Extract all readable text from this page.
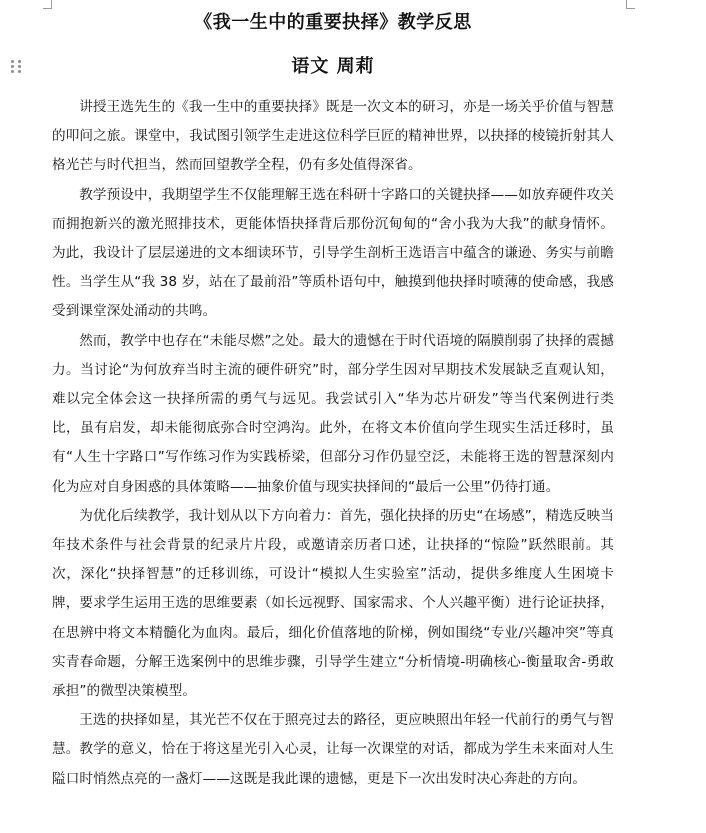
《我一生中的重要抉择》教学反思
语文 周莉

讲授王选先生的《我一生中的重要抉择》既是一次文本的研习，亦是一场关乎价值与智慧的叩问之旅。课堂中，我试图引领学生走进这位科学巨匠的精神世界，以抉择的棱镜折射其人格光芒与时代担当，然而回望教学全程，仍有多处值得深省。

教学预设中，我期望学生不仅能理解王选在科研十字路口的关键抉择——如放弃硬件攻关而拥抱新兴的激光照排技术，更能体悟抉择背后那份沉甸甸的“舍小我为大我”的献身情怀。为此，我设计了层层递进的文本细读环节，引导学生剖析王选语言中蕴含的谦逊、务实与前瞻性。当学生从“我 38 岁，站在了最前沿”等质朴语句中，触摸到他抉择时喷薄的使命感，我感受到课堂深处涌动的共鸣。

然而，教学中也存在“未能尽燃”之处。最大的遗憾在于时代语境的隔膜削弱了抉择的震撼力。当讨论“为何放弃当时主流的硬件研究”时，部分学生因对早期技术发展缺乏直观认知，难以完全体会这一抉择所需的勇气与远见。我尝试引入“华为芯片研发”等当代案例进行类比，虽有启发，却未能彻底弥合时空鸿沟。此外，在将文本价值向学生现实生活迁移时，虽有“人生十字路口”写作练习作为实践桥梁，但部分习作仍显空泛，未能将王选的智慧深刻内化为应对自身困惑的具体策略——抽象价值与现实抉择间的“最后一公里”仍待打通。

为优化后续教学，我计划从以下方向着力：首先，强化抉择的历史“在场感”，精选反映当年技术条件与社会背景的纪录片片段，或邀请亲历者口述，让抉择的“惊险”跃然眼前。其次，深化“抉择智慧”的迁移训练，可设计“模拟人生实验室”活动，提供多维度人生困境卡牌，要求学生运用王选的思维要素（如长远视野、国家需求、个人兴趣平衡）进行论证抉择，在思辨中将文本精髓化为血肉。最后，细化价值落地的阶梯，例如围绕“专业/兴趣冲突”等真实青春命题，分解王选案例中的思维步骤，引导学生建立“分析情境-明确核心-衡量取舍-勇敢承担”的微型决策模型。

王选的抉择如星，其光芒不仅在于照亮过去的路径，更应映照出年轻一代前行的勇气与智慧。教学的意义，恰在于将这星光引入心灵，让每一次课堂的对话，都成为学生未来面对人生隘口时悄然点亮的一盏灯——这既是我此课的遗憾，更是下一次出发时决心奔赴的方向。
